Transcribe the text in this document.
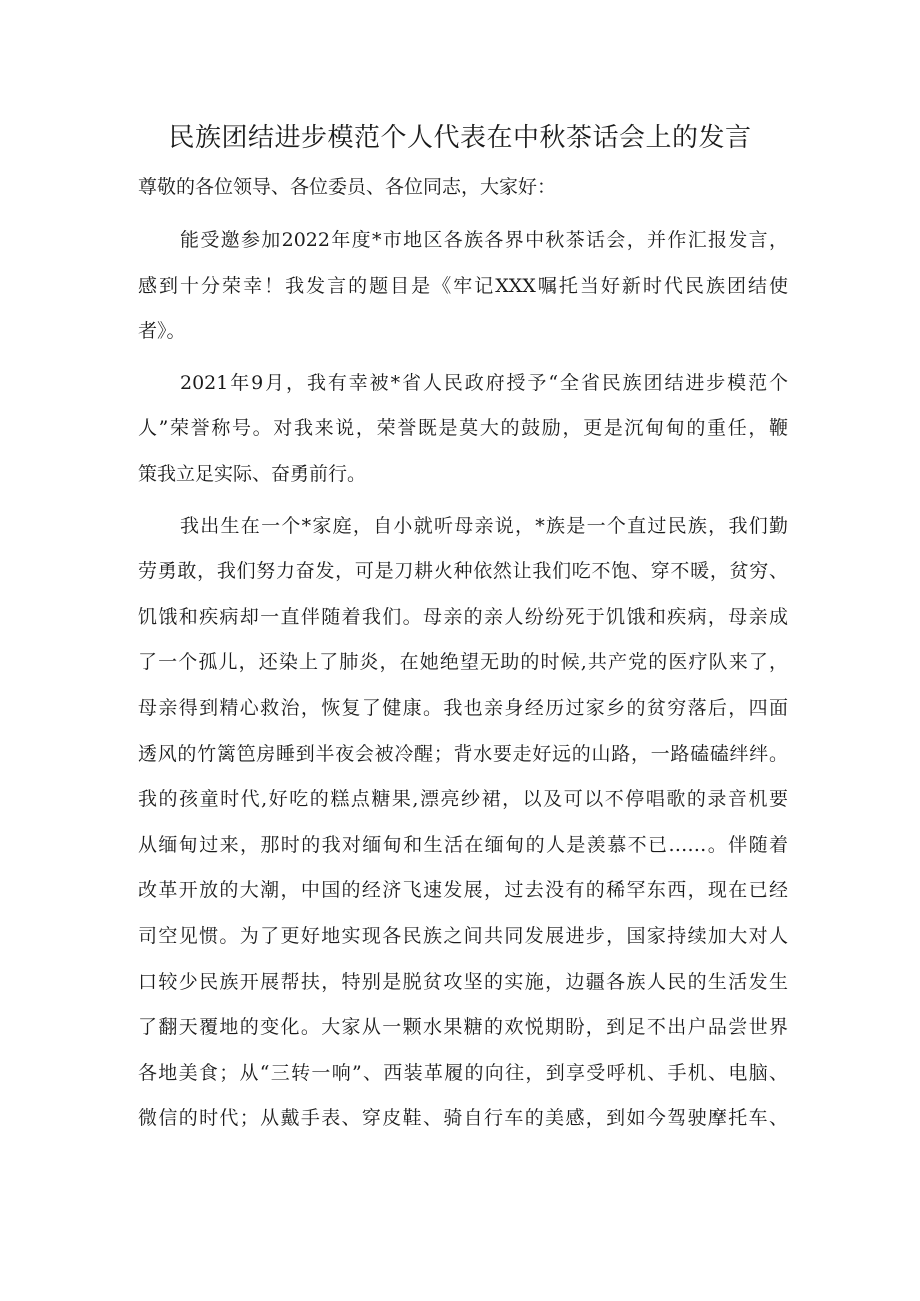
民族团结进步模范个人代表在中秋茶话会上的发言
尊敬的各位领导、各位委员、各位同志，大家好：
能受邀参加2022年度*市地区各族各界中秋茶话会，并作汇报发言，
感到十分荣幸！我发言的题目是《牢记XXX嘱托当好新时代民族团结使
者》。
2021年9月，我有幸被*省人民政府授予“全省民族团结进步模范个
人”荣誉称号。对我来说，荣誉既是莫大的鼓励，更是沉甸甸的重任，鞭
策我立足实际、奋勇前行。
我出生在一个*家庭，自小就听母亲说，*族是一个直过民族，我们勤
劳勇敢，我们努力奋发，可是刀耕火种依然让我们吃不饱、穿不暖，贫穷、
饥饿和疾病却一直伴随着我们。母亲的亲人纷纷死于饥饿和疾病，母亲成
了一个孤儿，还染上了肺炎，在她绝望无助的时候,共产党的医疗队来了，
母亲得到精心救治，恢复了健康。我也亲身经历过家乡的贫穷落后，四面
透风的竹篱笆房睡到半夜会被冷醒；背水要走好远的山路，一路磕磕绊绊。
我的孩童时代,好吃的糕点糖果,漂亮纱裙，以及可以不停唱歌的录音机要
从缅甸过来，那时的我对缅甸和生活在缅甸的人是羡慕不已……。伴随着
改革开放的大潮，中国的经济飞速发展，过去没有的稀罕东西，现在已经
司空见惯。为了更好地实现各民族之间共同发展进步，国家持续加大对人
口较少民族开展帮扶，特别是脱贫攻坚的实施，边疆各族人民的生活发生
了翻天覆地的变化。大家从一颗水果糖的欢悦期盼，到足不出户品尝世界
各地美食；从“三转一响”、西装革履的向往，到享受呼机、手机、电脑、
微信的时代；从戴手表、穿皮鞋、骑自行车的美感，到如今驾驶摩托车、
